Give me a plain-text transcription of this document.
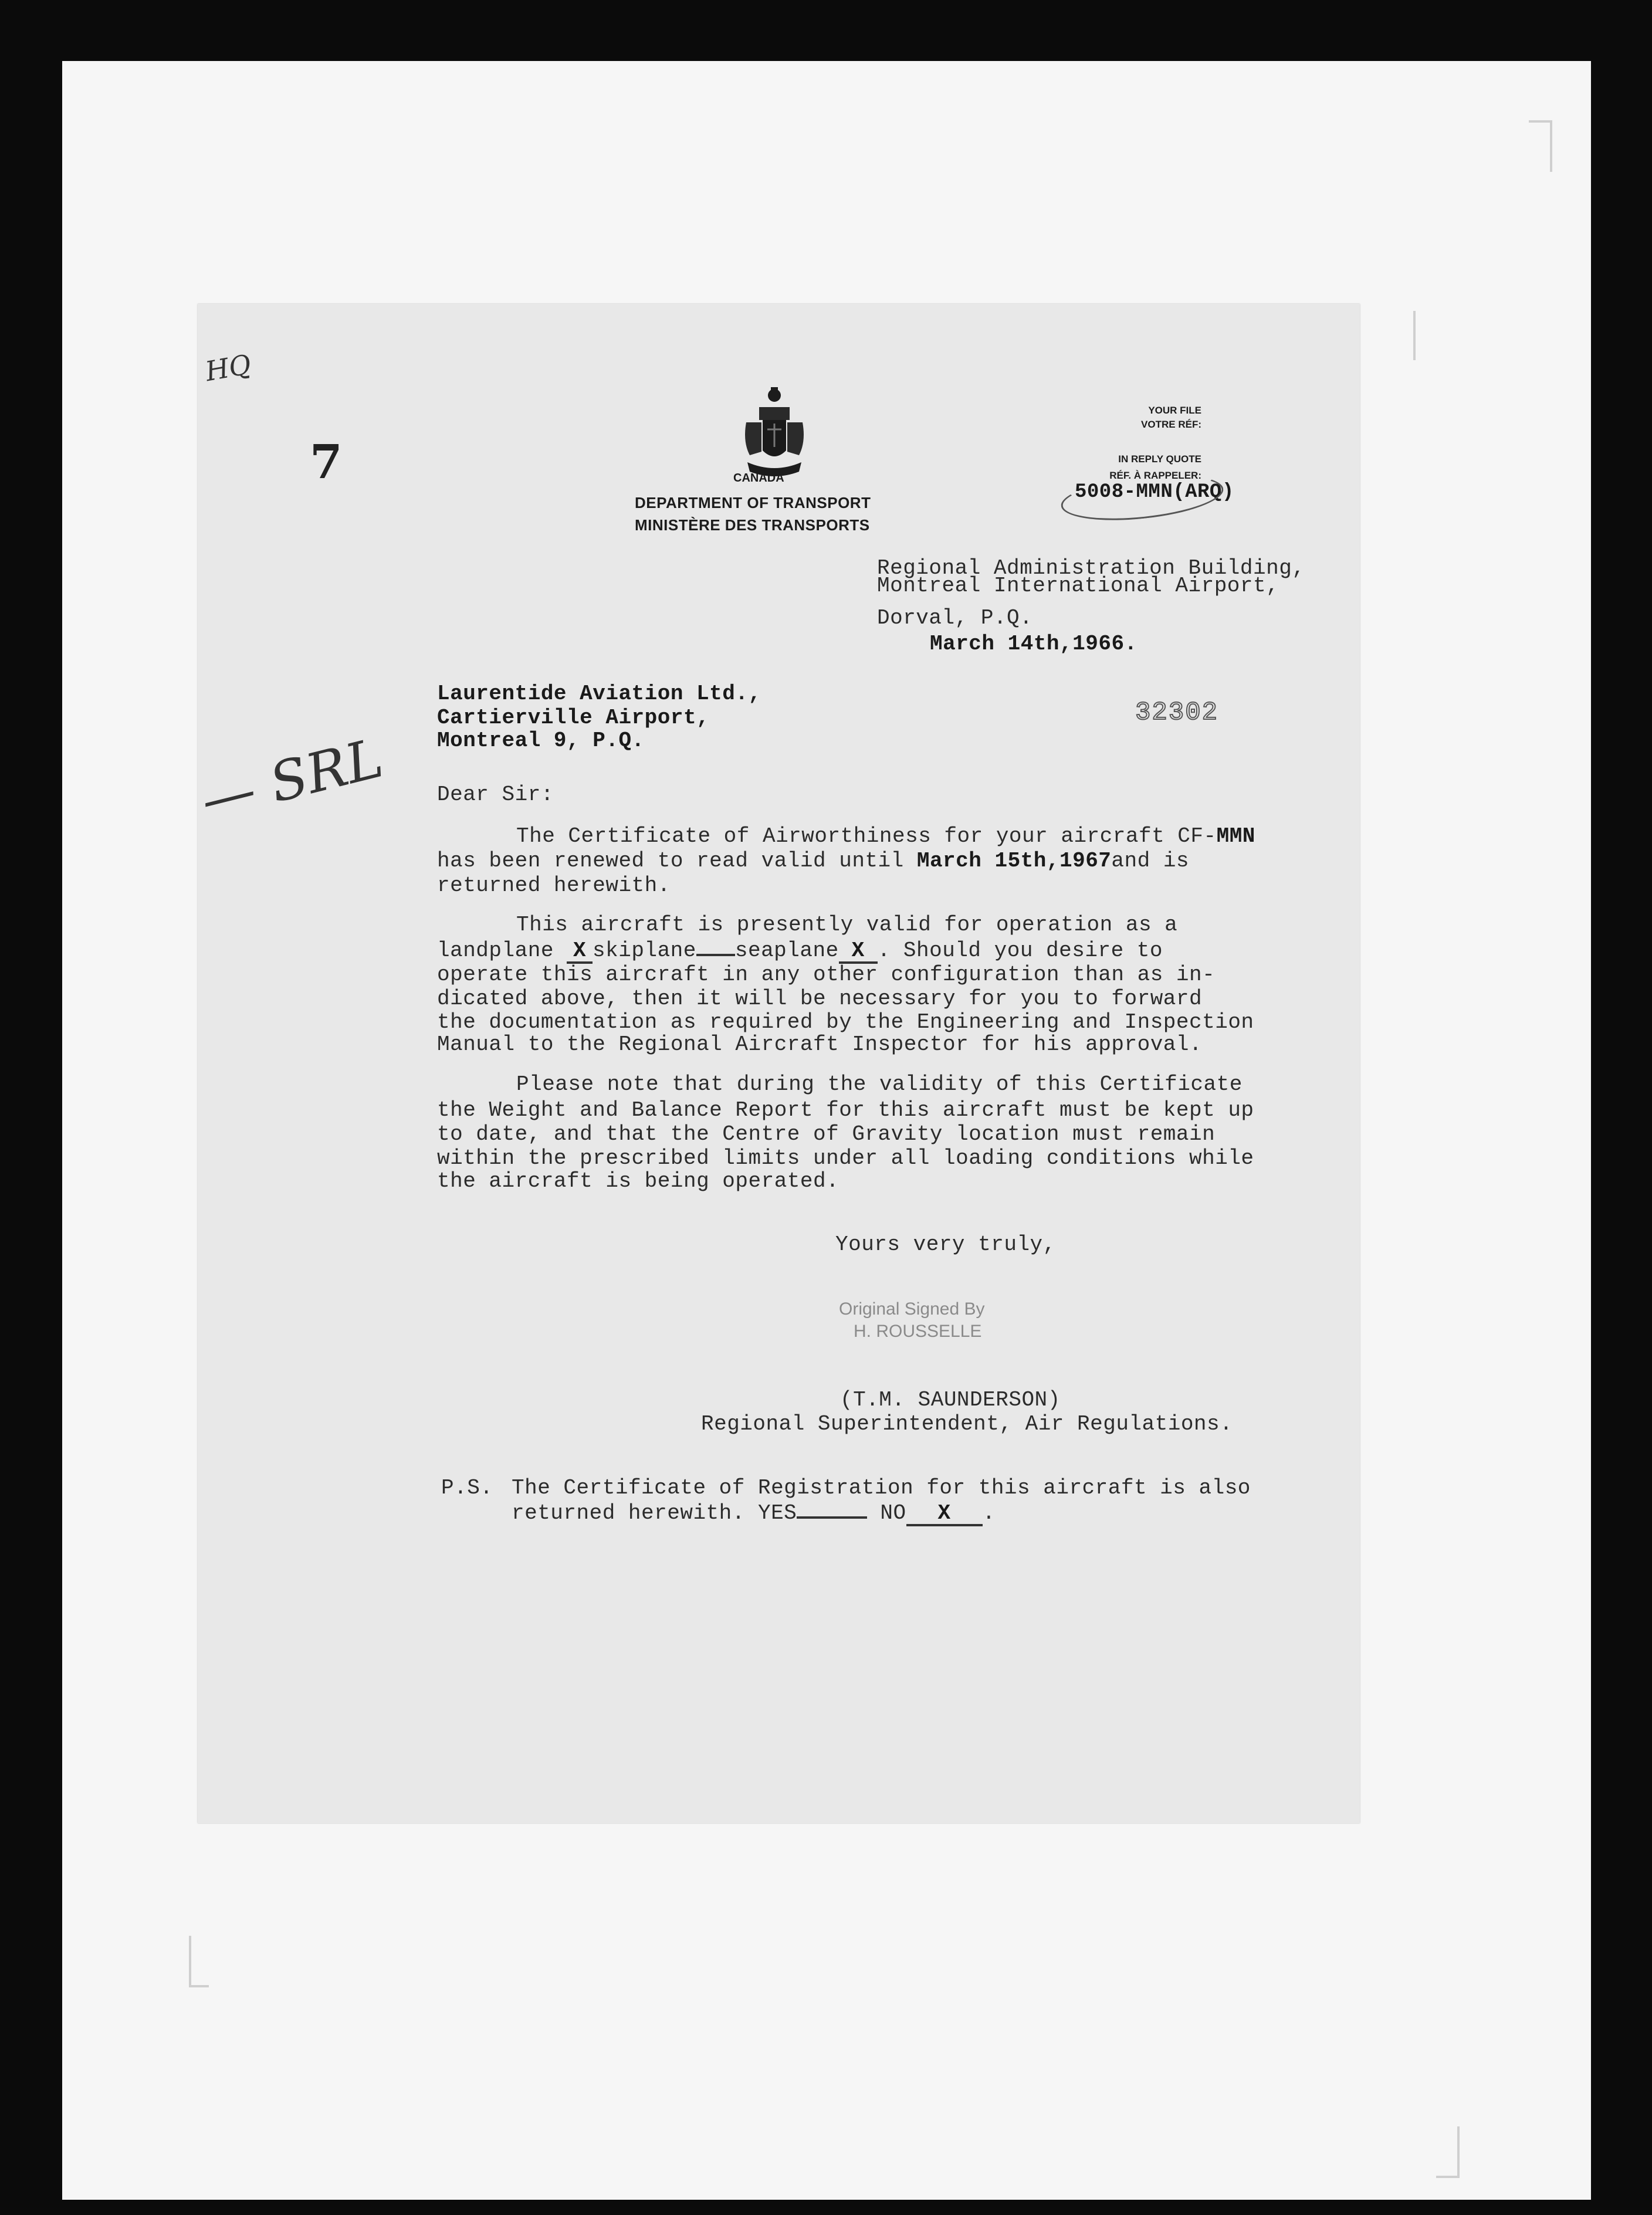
HQ
— SRL
7

	CANADA
DEPARTMENT OF TRANSPORT
MINISTÈRE DES TRANSPORTS
YOUR FILE
VOTRE RÉF:
IN REPLY QUOTE
RÉF. À RAPPELER:
5008-MMN(ARQ)
Regional Administration Building,
Montreal International Airport,
Dorval, P.Q.
March 14th,1966.
32302
Laurentide Aviation Ltd.,
Cartierville Airport,
Montreal 9, P.Q.
Dear Sir:
The Certificate of Airworthiness for your aircraft CF-MMN
has been renewed to read valid until March 15th,1967and is
returned herewith.
This aircraft is presently valid for operation as a
landplane X skiplane seaplane X . Should you desire to
operate this aircraft in any other configuration than as in-
dicated above, then it will be necessary for you to forward
the documentation as required by the Engineering and Inspection
Manual to the Regional Aircraft Inspector for his approval.
Please note that during the validity of this Certificate
the Weight and Balance Report for this aircraft must be kept up
to date, and that the Centre of Gravity location must remain
within the prescribed limits under all loading conditions while
the aircraft is being operated.
Yours very truly,
Original Signed By
H. ROUSSELLE
(T.M. SAUNDERSON)
Regional Superintendent, Air Regulations.
P.S. The Certificate of Registration for this aircraft is also
returned herewith. YES	NO X .
